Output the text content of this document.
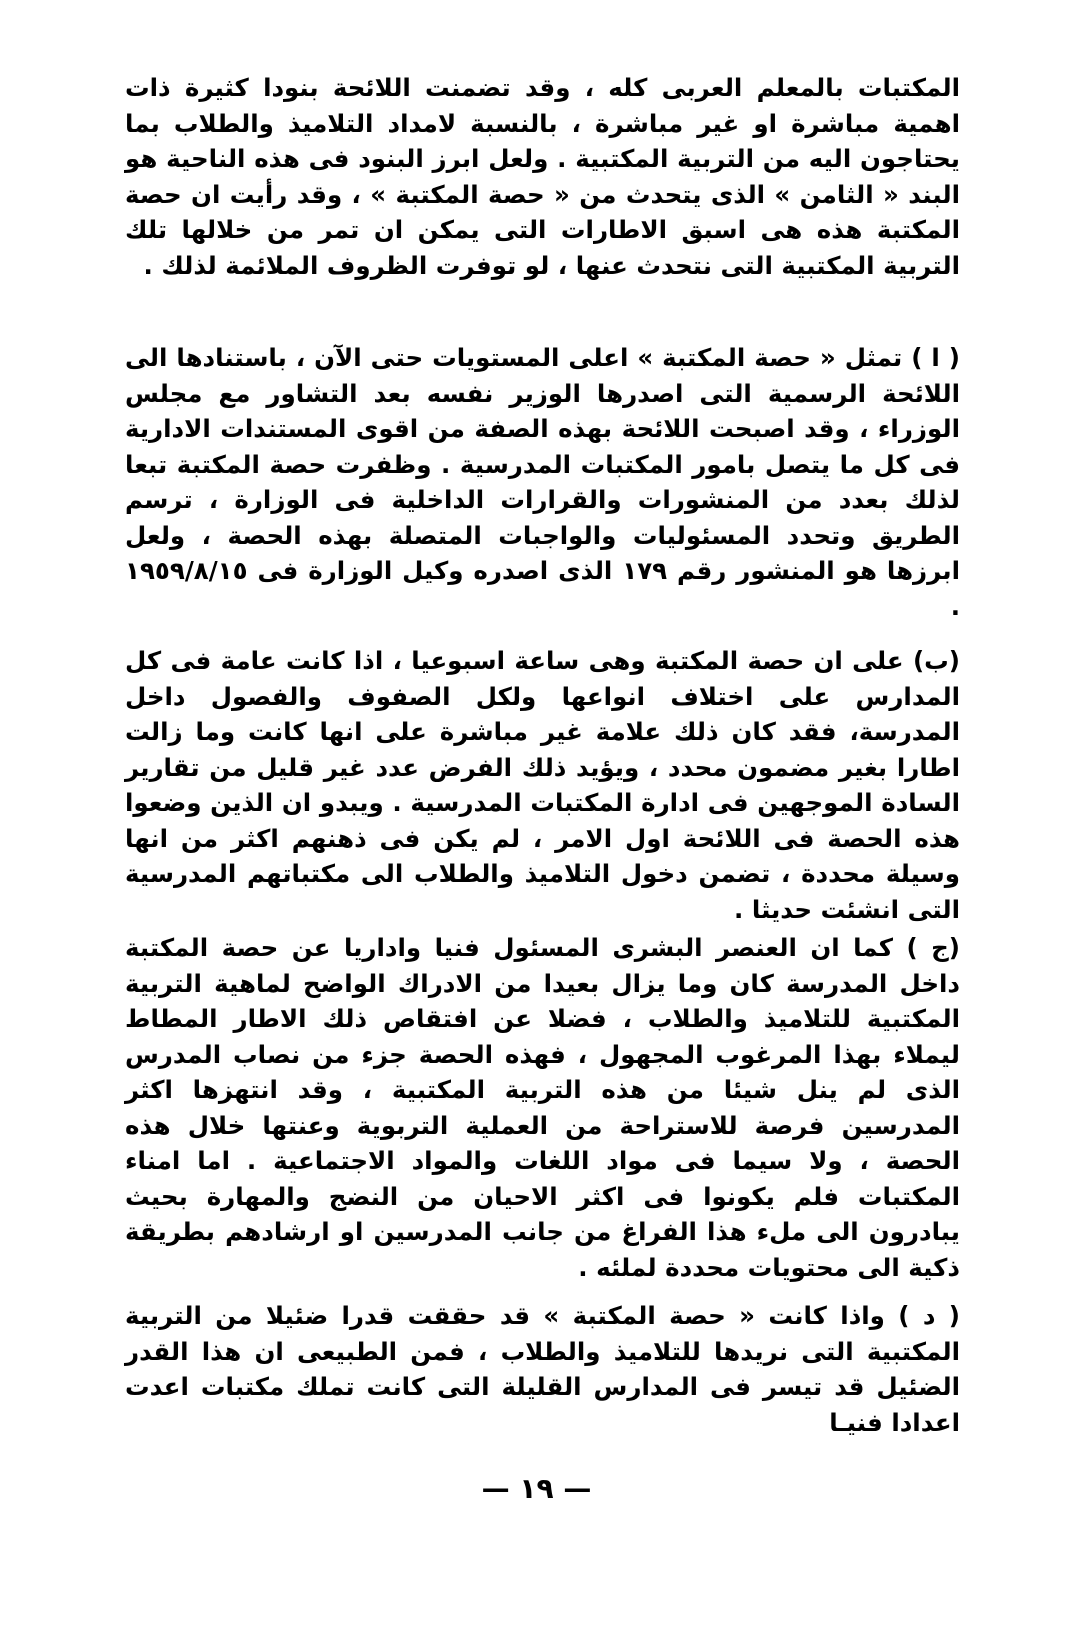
المكتبات بالمعلم العربى كله ، وقد تضمنت اللائحة بنودا كثيرة ذات اهمية مباشرة او غير مباشرة ، بالنسبة لامداد التلاميذ والطلاب بما يحتاجون اليه من التربية المكتبية . ولعل ابرز البنود فى هذه الناحية هو البند « الثامن » الذى يتحدث من « حصة المكتبة » ، وقد رأيت ان حصة المكتبة هذه هى اسبق الاطارات التى يمكن ان تمر من خلالها تلك التربية المكتبية التى نتحدث عنها ، لو توفرت الظروف الملائمة لذلك .

( ا ) تمثل « حصة المكتبة » اعلى المستويات حتى الآن ، باستنادها الى اللائحة الرسمية التى اصدرها الوزير نفسه بعد التشاور مع مجلس الوزراء ، وقد اصبحت اللائحة بهذه الصفة من اقوى المستندات الادارية فى كل ما يتصل بامور المكتبات المدرسية . وظفرت حصة المكتبة تبعا لذلك بعدد من المنشورات والقرارات الداخلية فى الوزارة ، ترسم الطريق وتحدد المسئوليات والواجبات المتصلة بهذه الحصة ، ولعل ابرزها هو المنشور رقم ١٧٩ الذى اصدره وكيل الوزارة فى ١٩٥٩/٨/١٥ .

(ب) على ان حصة المكتبة وهى ساعة اسبوعيا ، اذا كانت عامة فى كل المدارس على اختلاف انواعها ولكل الصفوف والفصول داخل المدرسة، فقد كان ذلك علامة غير مباشرة على انها كانت وما زالت اطارا بغير مضمون محدد ، ويؤيد ذلك الفرض عدد غير قليل من تقارير السادة الموجهين فى ادارة المكتبات المدرسية . ويبدو ان الذين وضعوا هذه الحصة فى اللائحة اول الامر ، لم يكن فى ذهنهم اكثر من انها وسيلة محددة ، تضمن دخول التلاميذ والطلاب الى مكتباتهم المدرسية التى انشئت حديثا .

(ج ) كما ان العنصر البشرى المسئول فنيا واداريا عن حصة المكتبة داخل المدرسة كان وما يزال بعيدا من الادراك الواضح لماهية التربية المكتبية للتلاميذ والطلاب ، فضلا عن افتقاص ذلك الاطار المطاط ليملاء بهذا المرغوب المجهول ، فهذه الحصة جزء من نصاب المدرس الذى لم ينل شيئا من هذه التربية المكتبية ، وقد انتهزها اكثر المدرسين فرصة للاستراحة من العملية التربوية وعنتها خلال هذه الحصة ، ولا سيما فى مواد اللغات والمواد الاجتماعية . اما امناء المكتبات فلم يكونوا فى اكثر الاحيان من النضج والمهارة بحيث يبادرون الى ملء هذا الفراغ من جانب المدرسين او ارشادهم بطريقة ذكية الى محتويات محددة لملئه .

( د ) واذا كانت « حصة المكتبة » قد حققت قدرا ضئيلا من التربية المكتبية التى نريدها للتلاميذ والطلاب ، فمن الطبيعى ان هذا القدر الضئيل قد تيسر فى المدارس القليلة التى كانت تملك مكتبات اعدت اعدادا فنيـا

— ١٩ —
